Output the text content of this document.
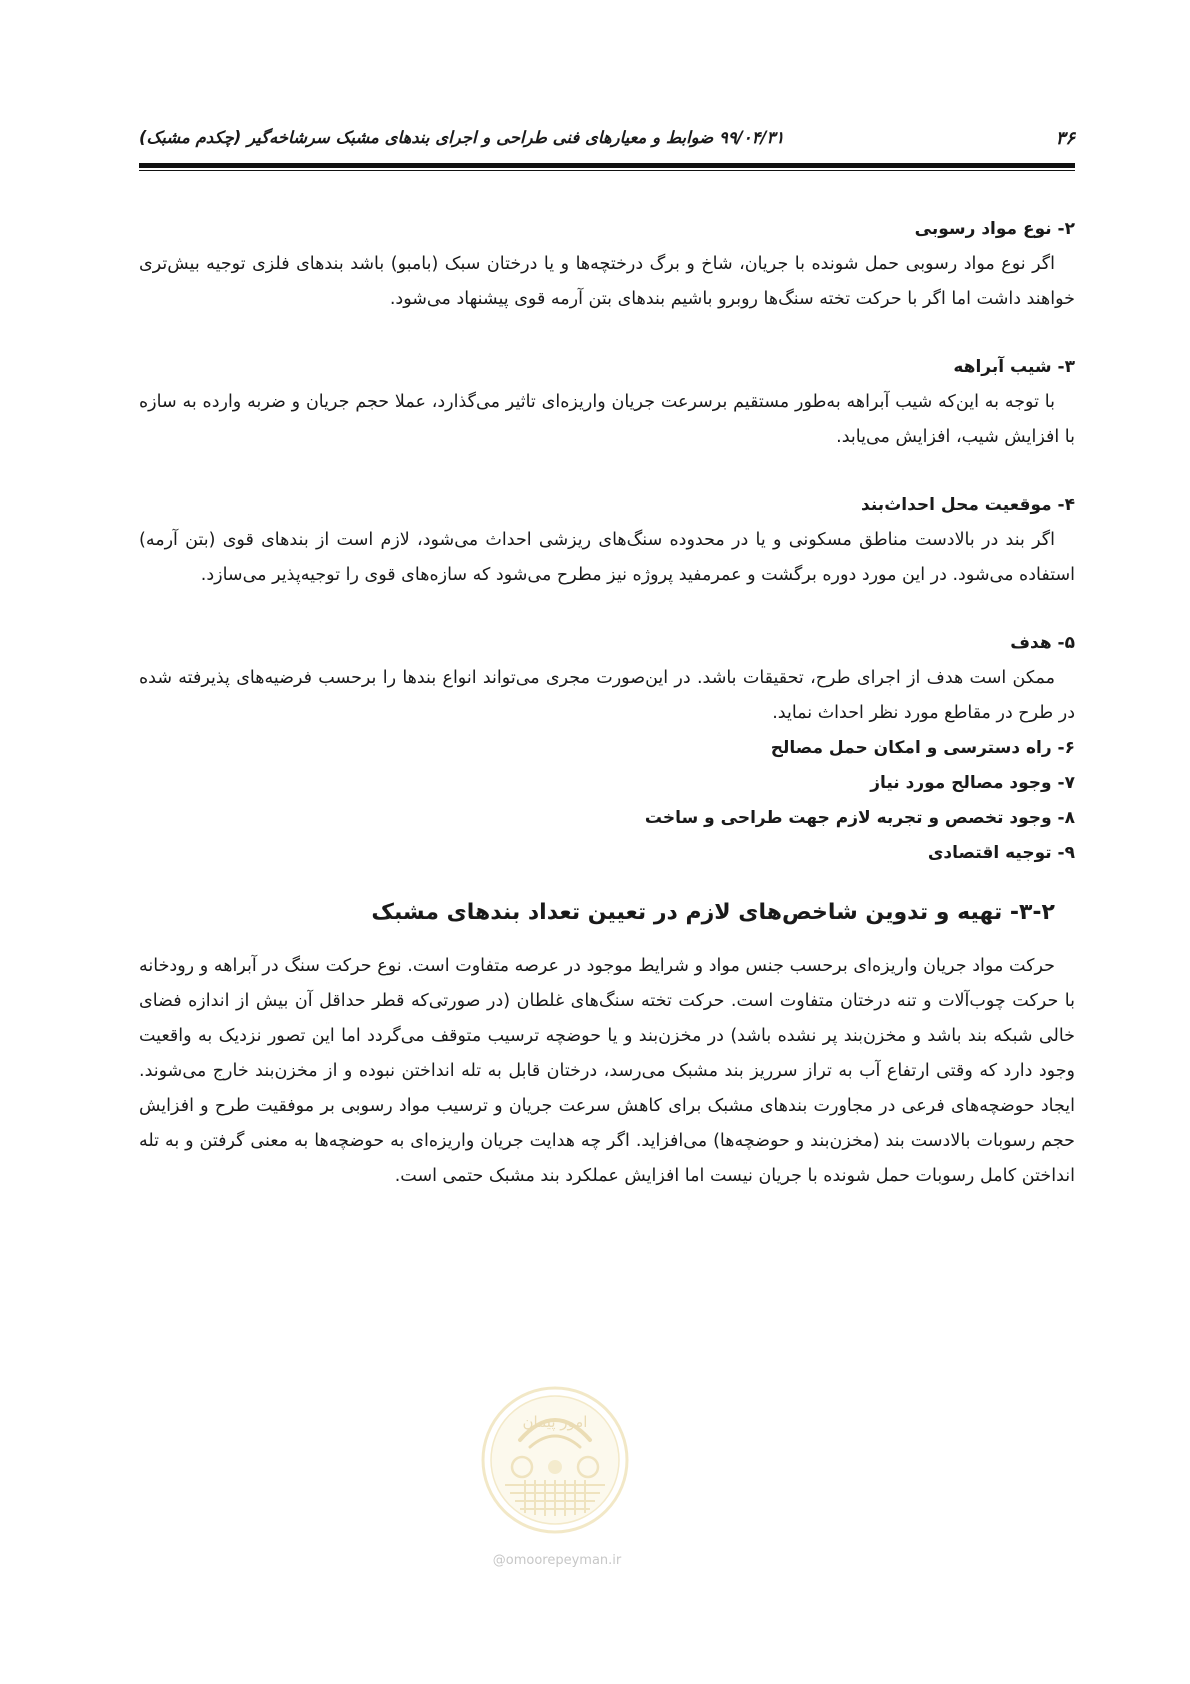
۳۶
۹۹/۰۴/۳۱ ضوابط و معیارهای فنی طراحی و اجرای بندهای مشبک سرشاخه‌گیر (چکدم مشبک)

۲- نوع مواد رسوبی

اگر نوع مواد رسوبی حمل شونده با جریان، شاخ و برگ درختچه‌ها و یا درختان سبک (بامبو) باشد بندهای فلزی توجیه بیش‌تری خواهند داشت اما اگر با حرکت تخته سنگ‌ها روبرو باشیم بندهای بتن آرمه قوی پیشنهاد می‌شود.

۳- شیب آبراهه

با توجه به این‌که شیب آبراهه به‌طور مستقیم برسرعت جریان واریزه‌ای تاثیر می‌گذارد، عملا حجم جریان و ضربه وارده به سازه با افزایش شیب، افزایش می‌یابد.

۴- موقعیت محل احداث‌بند

اگر بند در بالادست مناطق مسکونی و یا در محدوده سنگ‌های ریزشی احداث می‌شود، لازم است از بندهای قوی (بتن آرمه) استفاده می‌شود. در این مورد دوره برگشت و عمرمفید پروژه نیز مطرح می‌شود که سازه‌های قوی را توجیه‌پذیر می‌سازد.

۵- هدف

ممکن است هدف از اجرای طرح، تحقیقات باشد. در این‌صورت مجری می‌تواند انواع بندها را برحسب فرضیه‌های پذیرفته شده در طرح در مقاطع مورد نظر احداث نماید.

۶- راه دسترسی و امکان حمل مصالح

۷- وجود مصالح مورد نیاز

۸- وجود تخصص و تجربه لازم جهت طراحی و ساخت

۹- توجیه اقتصادی

۳-۲- تهیه و تدوین شاخص‌های لازم در تعیین تعداد بندهای مشبک

حرکت مواد جریان واریزه‌ای برحسب جنس مواد و شرایط موجود در عرصه متفاوت است. نوع حرکت سنگ در آبراهه و رودخانه با حرکت چوب‌آلات و تنه درختان متفاوت است. حرکت تخته سنگ‌های غلطان (در صورتی‌که قطر حداقل آن بیش از اندازه فضای خالی شبکه بند باشد و مخزن‌بند پر نشده باشد) در مخزن‌بند و یا حوضچه ترسیب متوقف می‌گردد اما این تصور نزدیک به واقعیت وجود دارد که وقتی ارتفاع آب به تراز سرریز بند مشبک می‌رسد، درختان قابل به تله انداختن نبوده و از مخزن‌بند خارج می‌شوند. ایجاد حوضچه‌های فرعی در مجاورت بندهای مشبک برای کاهش سرعت جریان و ترسیب مواد رسوبی بر موفقیت طرح و افزایش حجم رسوبات بالادست بند (مخزن‌بند و حوضچه‌ها) می‌افزاید. اگر چه هدایت جریان واریزه‌ای به حوضچه‌ها به معنی گرفتن و به تله انداختن کامل رسوبات حمل شونده با جریان نیست اما افزایش عملکرد بند مشبک حتمی است.

امور پیمان
@omoorepeyman.ir
